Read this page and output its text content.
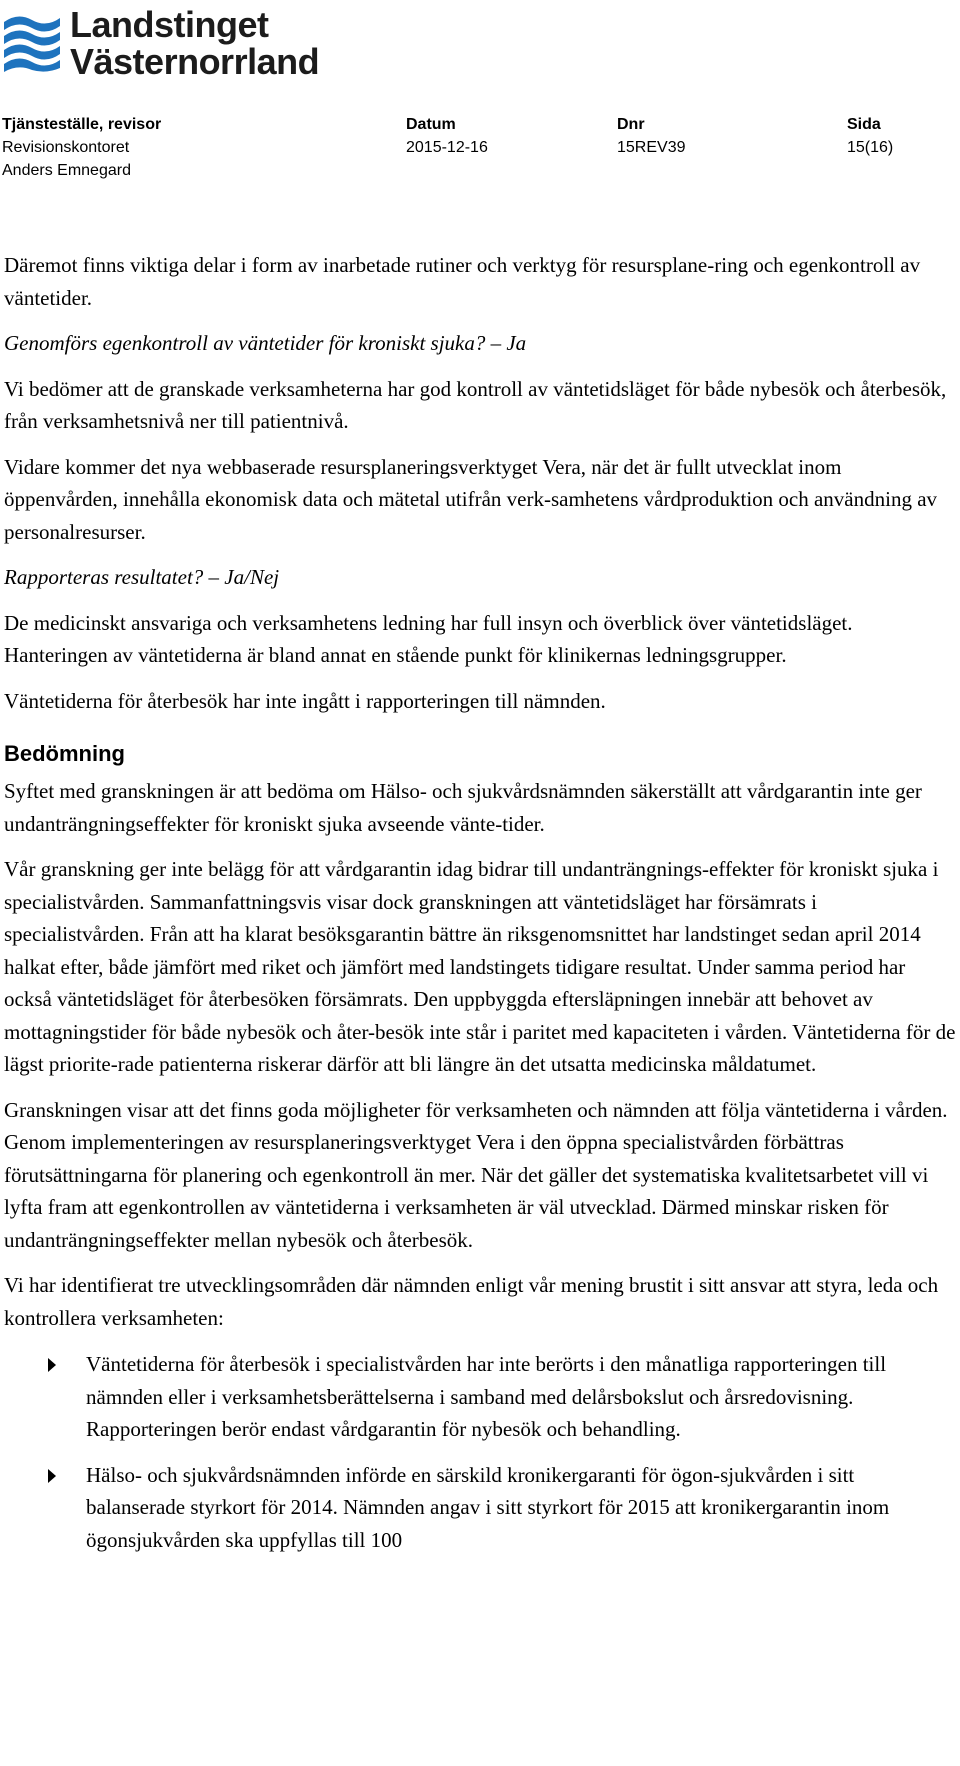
Landstinget
Västernorrland
Tjänsteställe, revisor
Revisionskontoret
Anders Emnegard
Datum
2015-12-16
Dnr
15REV39
Sida
15(16)

Däremot finns viktiga delar i form av inarbetade rutiner och verktyg för resursplane-ring och egenkontroll av väntetider.

Genomförs egenkontroll av väntetider för kroniskt sjuka? – Ja

Vi bedömer att de granskade verksamheterna har god kontroll av väntetidsläget för både nybesök och återbesök, från verksamhetsnivå ner till patientnivå.

Vidare kommer det nya webbaserade resursplaneringsverktyget Vera, när det är fullt utvecklat inom öppenvården, innehålla ekonomisk data och mätetal utifrån verk-samhetens vårdproduktion och användning av personalresurser.

Rapporteras resultatet? – Ja/Nej

De medicinskt ansvariga och verksamhetens ledning har full insyn och överblick över väntetidsläget. Hanteringen av väntetiderna är bland annat en stående punkt för klinikernas ledningsgrupper.

Väntetiderna för återbesök har inte ingått i rapporteringen till nämnden.

Bedömning

Syftet med granskningen är att bedöma om Hälso- och sjukvårdsnämnden säkerställt att vårdgarantin inte ger undanträngningseffekter för kroniskt sjuka avseende vänte-tider.

Vår granskning ger inte belägg för att vårdgarantin idag bidrar till undanträngnings-effekter för kroniskt sjuka i specialistvården. Sammanfattningsvis visar dock granskningen att väntetidsläget har försämrats i specialistvården. Från att ha klarat besöksgarantin bättre än riksgenomsnittet har landstinget sedan april 2014 halkat efter, både jämfört med riket och jämfört med landstingets tidigare resultat. Under samma period har också väntetidsläget för återbesöken försämrats. Den uppbyggda eftersläpningen innebär att behovet av mottagningstider för både nybesök och åter-besök inte står i paritet med kapaciteten i vården. Väntetiderna för de lägst priorite-rade patienterna riskerar därför att bli längre än det utsatta medicinska måldatumet.

Granskningen visar att det finns goda möjligheter för verksamheten och nämnden att följa väntetiderna i vården. Genom implementeringen av resursplaneringsverktyget Vera i den öppna specialistvården förbättras förutsättningarna för planering och egenkontroll än mer. När det gäller det systematiska kvalitetsarbetet vill vi lyfta fram att egenkontrollen av väntetiderna i verksamheten är väl utvecklad. Därmed minskar risken för undanträngningseffekter mellan nybesök och återbesök.

Vi har identifierat tre utvecklingsområden där nämnden enligt vår mening brustit i sitt ansvar att styra, leda och kontrollera verksamheten:

Väntetiderna för återbesök i specialistvården har inte berörts i den månatliga rapporteringen till nämnden eller i verksamhetsberättelserna i samband med delårsbokslut och årsredovisning. Rapporteringen berör endast vårdgarantin för nybesök och behandling.
Hälso- och sjukvårdsnämnden införde en särskild kronikergaranti för ögon-sjukvården i sitt balanserade styrkort för 2014. Nämnden angav i sitt styrkort för 2015 att kronikergarantin inom ögonsjukvården ska uppfyllas till 100
